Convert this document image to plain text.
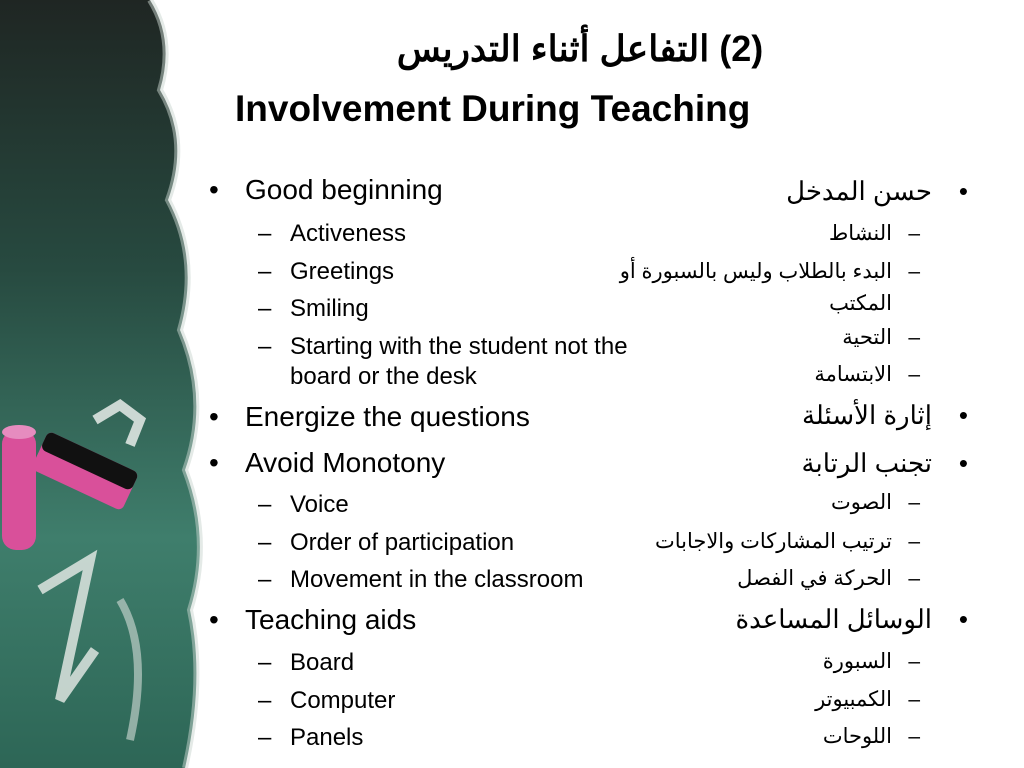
(2) التفاعل أثناء التدريس
Involvement During Teaching
• Good beginning
– Activeness
– Greetings
– Smiling
– Starting with the student not the board or the desk
• Energize the questions
• Avoid Monotony
– Voice
– Order of participation
– Movement in the classroom
• Teaching aids
– Board
– Computer
– Panels
•
حسن المدخل
–
النشاط
–
البدء بالطلاب وليس بالسبورة أو المكتب
–
التحية
–
الابتسامة
•
إثارة الأسئلة
•
تجنب الرتابة
–
الصوت
–
ترتيب المشاركات والاجابات
–
الحركة في الفصل
•
الوسائل المساعدة
–
السبورة
–
الكمبيوتر
–
اللوحات
